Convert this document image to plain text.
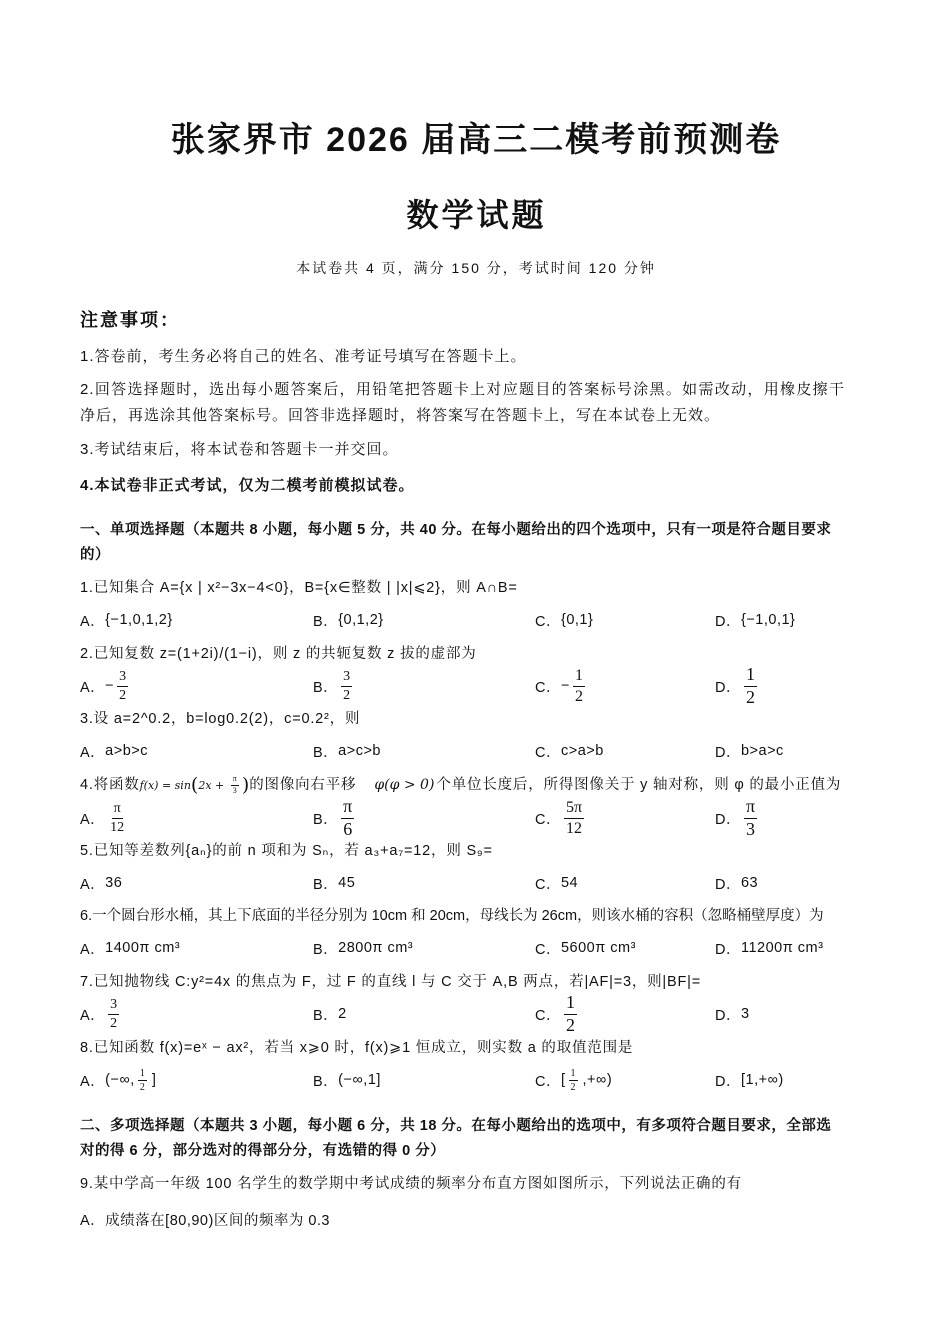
张家界市 2026 届高三二模考前预测卷
数学试题
本试卷共 4 页，满分 150 分，考试时间 120 分钟
注意事项：
1.答卷前，考生务必将自己的姓名、准考证号填写在答题卡上。
2.回答选择题时，选出每小题答案后，用铅笔把答题卡上对应题目的答案标号涂黑。如需改动，用橡皮擦干净后，再选涂其他答案标号。回答非选择题时，将答案写在答题卡上，写在本试卷上无效。
3.考试结束后，将本试卷和答题卡一并交回。
4.本试卷非正式考试，仅为二模考前模拟试卷。
一、单项选择题（本题共 8 小题，每小题 5 分，共 40 分。在每小题给出的四个选项中，只有一项是符合题目要求的）
1.已知集合 A={x | x²−3x−4<0}，B={x∈整数 | |x|⩽2}，则 A∩B=
A． {−1,0,1,2}	B． {0,1,2}	C． {0,1}	D． {−1,0,1}
2.已知复数 z=(1+2i)/(1−i)，则 z 的共轭复数 z 拔的虚部为
A． − $\frac{3}{2}$	B． $\frac{3}{2}$	C． − $\frac{1}{2}$	D． $\frac{1}{2}$
3.设 a=2^0.2，b=log0.2(2)，c=0.2²，则
A． a>b>c	B． a>c>b	C． c>a>b	D． b>a>c
4.将函数$f(x) = \sin(2x + \frac{\pi}{3}$ )的图像向右平移 φ(φ > 0) 个单位长度后，所得图像关于 y 轴对称，则 φ 的最小正值为
A． $\frac{\pi}{12}$	B． $\frac{\pi}{6}$	C． $\frac{5\pi}{12}$	D． $\frac{\pi}{3}$
5.已知等差数列{aₙ}的前 n 项和为 Sₙ，若 a₃+a₇=12，则 S₉=
A． 36	B． 45	C． 54	D． 63
6.一个圆台形水桶，其上下底面的半径分别为 10cm 和 20cm，母线长为 26cm，则该水桶的容积（忽略桶壁厚度）为
A． 1400π cm³	B． 2800π cm³	C． 5600π cm³	D． 11200π cm³
7.已知抛物线 C:y²=4x 的焦点为 F，过 F 的直线 l 与 C 交于 A,B 两点，若|AF|=3，则|BF|=
A． $\frac{3}{2}$	B． 2	C． $\frac{1}{2}$	D． 3
8.已知函数 f(x)=eˣ − ax²，若当 x⩾0 时，f(x)⩾1 恒成立，则实数 a 的取值范围是
A． (−∞, $\frac{1}{2}$ ]	B． (−∞,1]	C． [ $\frac{1}{2}$ ,+∞)	D． [1,+∞)
二、多项选择题（本题共 3 小题，每小题 6 分，共 18 分。在每小题给出的选项中，有多项符合题目要求，全部选对的得 6 分，部分选对的得部分分，有选错的得 0 分）
9.某中学高一年级 100 名学生的数学期中考试成绩的频率分布直方图如图所示，下列说法正确的有
A． 成绩落在[80,90)区间的频率为 0.3
